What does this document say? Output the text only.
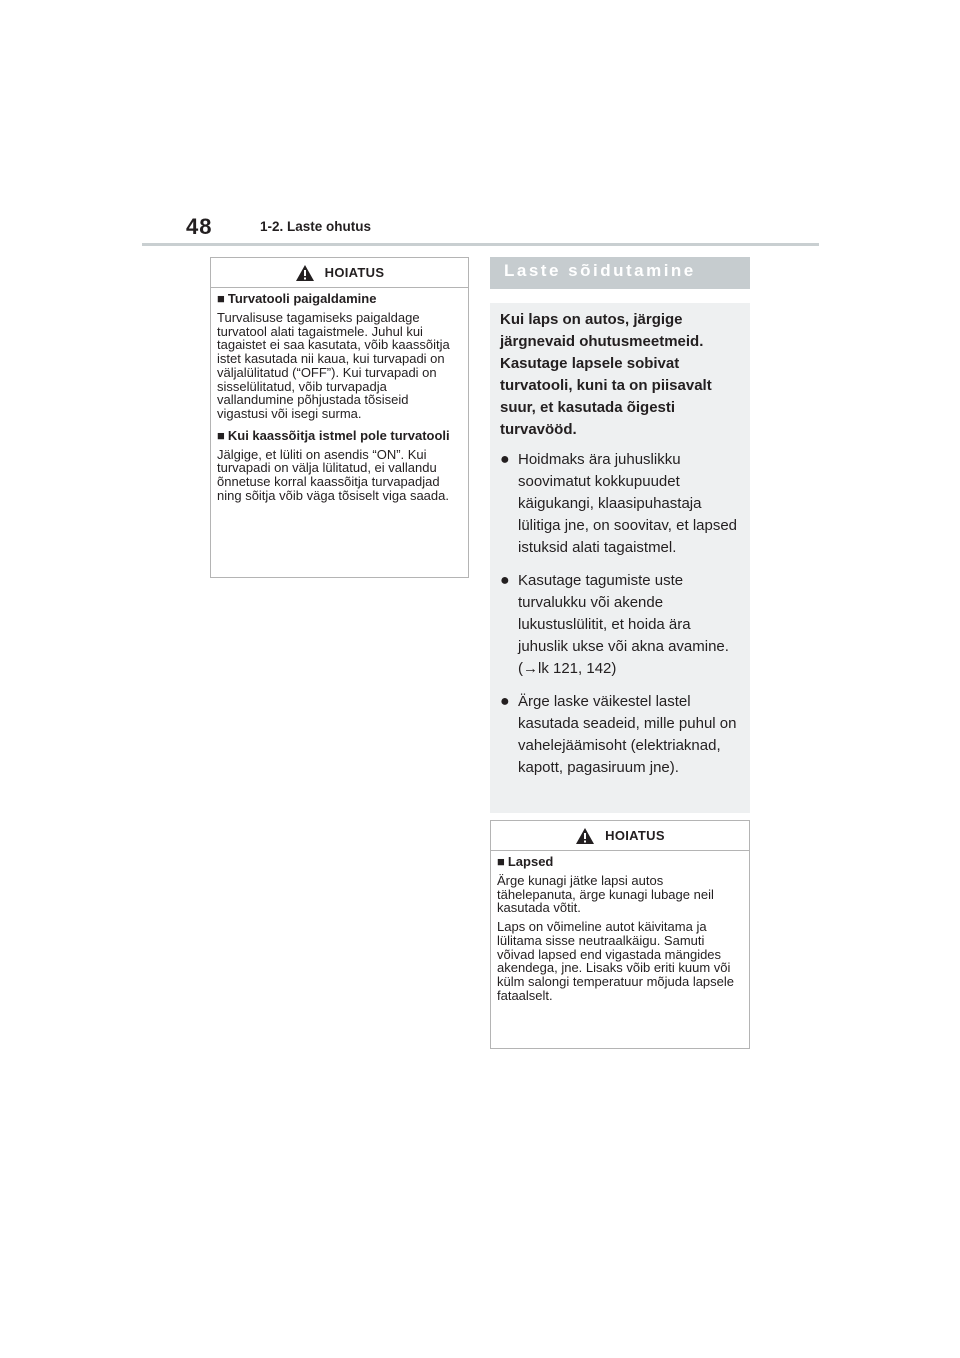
48	1-2. Laste ohutus
HOIATUS
■ Turvatooli paigaldamine

Turvalisuse tagamiseks paigaldage turvatool alati tagaistmele. Juhul kui tagaistet ei saa kasutata, võib kaassõitja istet kasutada nii kaua, kui turvapadi on väljalülitatud (“OFF”). Kui turvapadi on sisselülitatud, võib turvapadja vallandumine põhjustada tõsiseid vigastusi või isegi surma.

■ Kui kaassõitja istmel pole turvatooli

Jälgige, et lüliti on asendis “ON”. Kui turvapadi on välja lülitatud, ei vallandu õnnetuse korral kaassõitja turvapadjad ning sõitja võib väga tõsiselt viga saada.

Laste sõidutamine

Kui laps on autos, järgige järgnevaid ohutusmeetmeid. Kasutage lapsele sobivat turvatooli, kuni ta on piisavalt suur, et kasutada õigesti turvavööd.

● Hoidmaks ära juhuslikku soovimatut kokkupuudet käigukangi, klaasipuhastaja lülitiga jne, on soovitav, et lapsed istuksid alati tagaistmel.
● Kasutage tagumiste uste turvalukku või akende lukustuslülitit, et hoida ära juhuslik ukse või akna avamine. (→lk 121, 142)
● Ärge laske väikestel lastel kasutada seadeid, mille puhul on vahelejäämisoht (elektriaknad, kapott, pagasiruum jne).
HOIATUS
■ Lapsed

Ärge kunagi jätke lapsi autos tähelepanuta, ärge kunagi lubage neil kasutada võtit.

Laps on võimeline autot käivitama ja lülitama sisse neutraalkäigu. Samuti võivad lapsed end vigastada mängides akendega, jne. Lisaks võib eriti kuum või külm salongi temperatuur mõjuda lapsele fataalselt.
